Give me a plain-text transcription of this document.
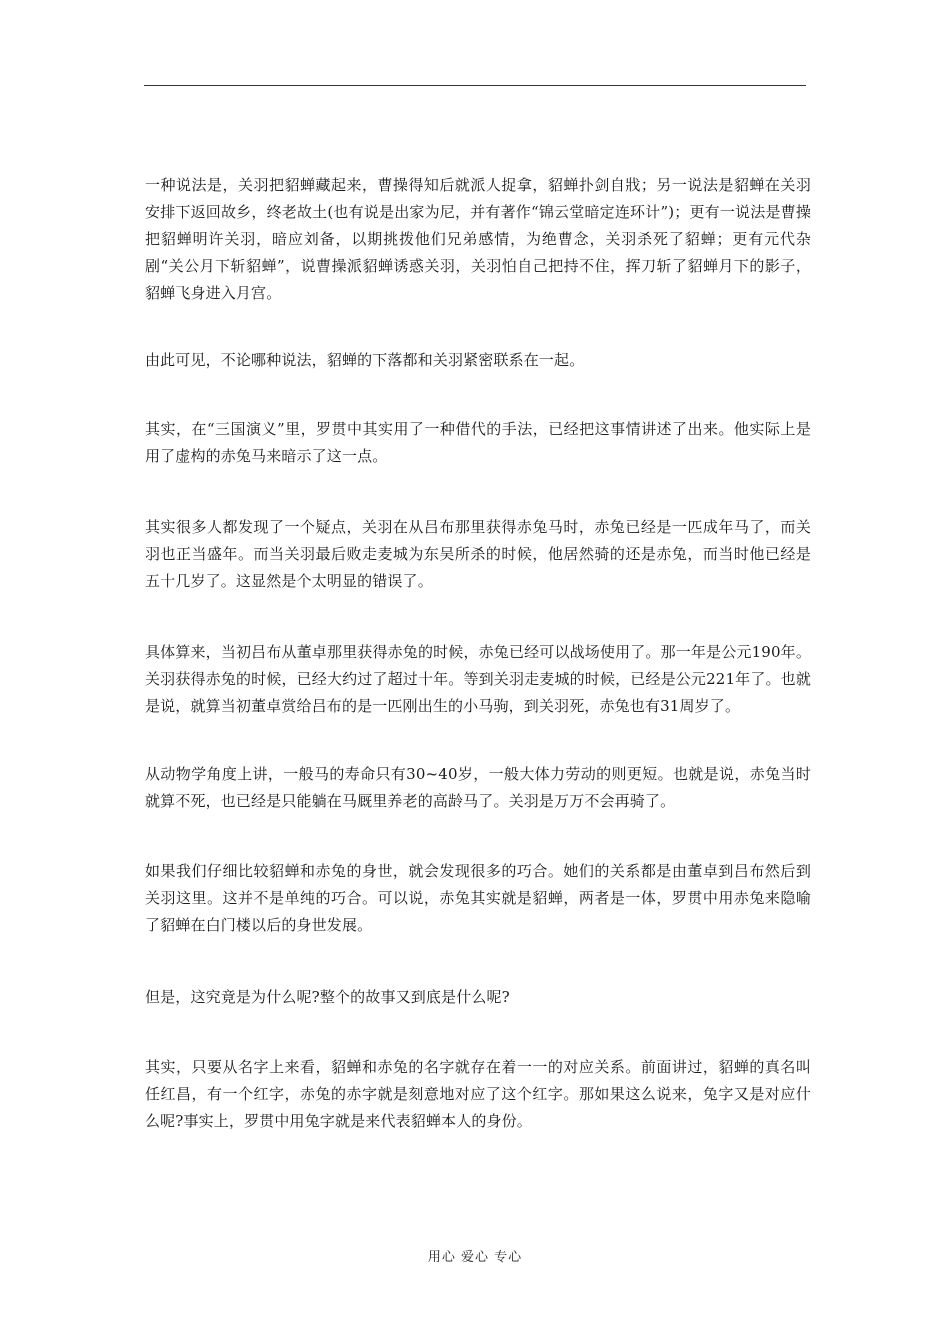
一种说法是，关羽把貂蝉藏起来，曹操得知后就派人捉拿，貂蝉扑剑自戕；另一说法是貂蝉在关羽安排下返回故乡，终老故土(也有说是出家为尼，并有著作“锦云堂暗定连环计”)；更有一说法是曹操把貂蝉明许关羽，暗应刘备，以期挑拨他们兄弟感情，为绝曹念，关羽杀死了貂蝉；更有元代杂剧“关公月下斩貂蝉”，说曹操派貂蝉诱惑关羽，关羽怕自己把持不住，挥刀斩了貂蝉月下的影子，貂蝉飞身进入月宫。

由此可见，不论哪种说法，貂蝉的下落都和关羽紧密联系在一起。

其实，在“三国演义”里，罗贯中其实用了一种借代的手法，已经把这事情讲述了出来。他实际上是用了虚构的赤兔马来暗示了这一点。

其实很多人都发现了一个疑点，关羽在从吕布那里获得赤兔马时，赤兔已经是一匹成年马了，而关羽也正当盛年。而当关羽最后败走麦城为东吴所杀的时候，他居然骑的还是赤兔，而当时他已经是五十几岁了。这显然是个太明显的错误了。

具体算来，当初吕布从董卓那里获得赤兔的时候，赤兔已经可以战场使用了。那一年是公元190年。关羽获得赤兔的时候，已经大约过了超过十年。等到关羽走麦城的时候，已经是公元221年了。也就是说，就算当初董卓赏给吕布的是一匹刚出生的小马驹，到关羽死，赤兔也有31周岁了。

从动物学角度上讲，一般马的寿命只有30~40岁，一般大体力劳动的则更短。也就是说，赤兔当时就算不死，也已经是只能躺在马厩里养老的高龄马了。关羽是万万不会再骑了。

如果我们仔细比较貂蝉和赤兔的身世，就会发现很多的巧合。她们的关系都是由董卓到吕布然后到关羽这里。这并不是单纯的巧合。可以说，赤兔其实就是貂蝉，两者是一体，罗贯中用赤兔来隐喻了貂蝉在白门楼以后的身世发展。

但是，这究竟是为什么呢?整个的故事又到底是什么呢?

其实，只要从名字上来看，貂蝉和赤兔的名字就存在着一一的对应关系。前面讲过，貂蝉的真名叫任红昌，有一个红字，赤兔的赤字就是刻意地对应了这个红字。那如果这么说来，兔字又是对应什么呢?事实上，罗贯中用兔字就是来代表貂蝉本人的身份。

用心 爱心 专心
